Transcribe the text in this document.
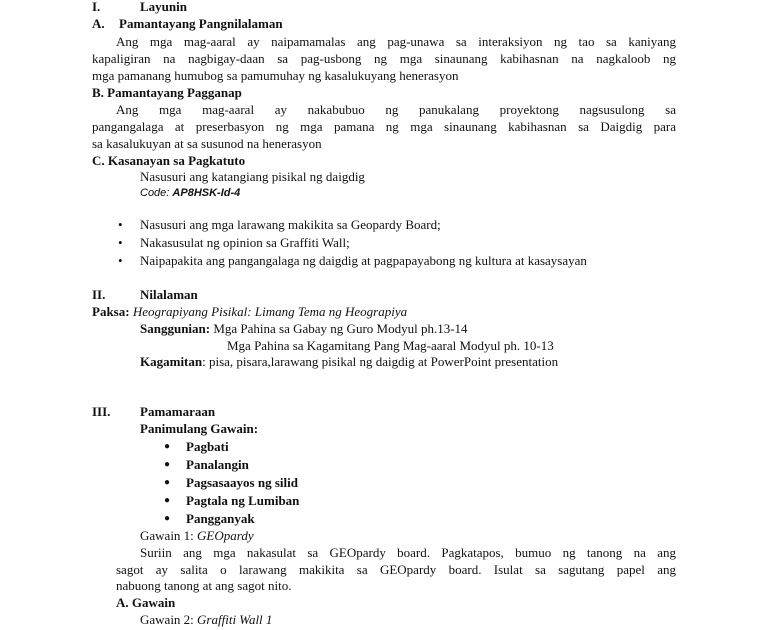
I.	Layunin
A. Pamantayang Pangnilalaman
Ang mga mag-aaral ay naipamamalas ang pag-unawa sa interaksiyon ng tao sa kaniyang
kapaligiran na nagbigay-daan sa pag-usbong ng mga sinaunang kabihasnan na nagkaloob ng
mga pamanang humubog sa pamumuhay ng kasalukuyang henerasyon
B. Pamantayang Pagganap
Ang mga mag-aaral ay nakabubuo ng panukalang proyektong nagsusulong sa
pangangalaga at preserbasyon ng mga pamana ng mga sinaunang kabihasnan sa Daigdig para
sa kasalukuyan at sa susunod na henerasyon
C. Kasanayan sa Pagkatuto
Nasusuri ang katangiang pisikal ng daigdig
Code: AP8HSK-Id-4
• Nasusuri ang mga larawang makikita sa Geopardy Board;
• Nakasusulat ng opinion sa Graffiti Wall;
• Naipapakita ang pangangalaga ng daigdig at pagpapayabong ng kultura at kasaysayan
II.	Nilalaman
Paksa: Heograpiyang Pisikal: Limang Tema ng Heograpiya
Sanggunian: Mga Pahina sa Gabay ng Guro Modyul ph.13-14
Mga Pahina sa Kagamitang Pang Mag-aaral Modyul ph. 10-13
Kagamitan: pisa, pisara,larawang pisikal ng daigdig at PowerPoint presentation
III. Pamamaraan
Panimulang Gawain:
● Pagbati
● Panalangin
● Pagsasaayos ng silid
● Pagtala ng Lumiban
● Pangganyak
Gawain 1: GEOpardy
Suriin ang mga nakasulat sa GEOpardy board. Pagkatapos, bumuo ng tanong na ang
sagot ay salita o larawang makikita sa GEOpardy board. Isulat sa sagutang papel ang
nabuong tanong at ang sagot nito.
A. Gawain
Gawain 2: Graffiti Wall 1
